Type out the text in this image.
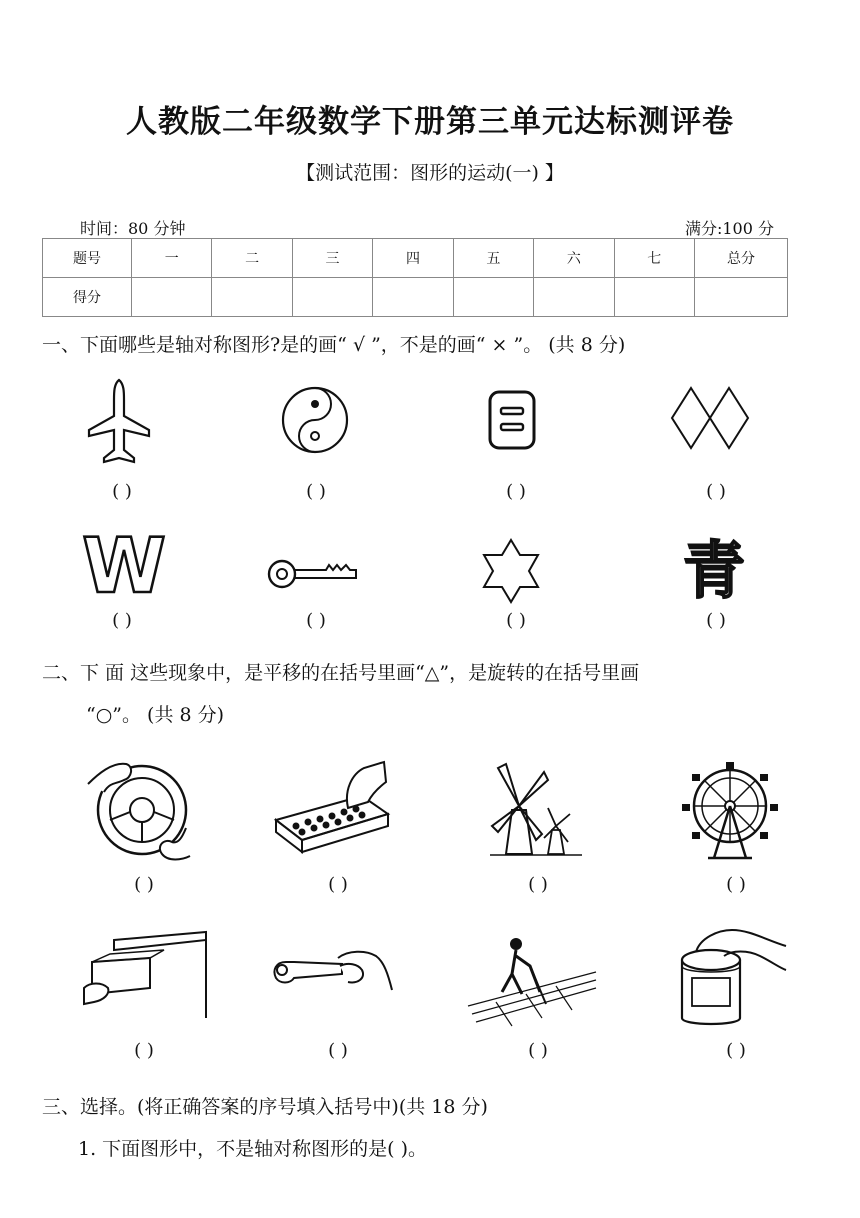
人教版二年级数学下册第三单元达标测评卷
【测试范围：图形的运动(一) 】
时间：80 分钟	满分:100 分
题号	一	二	三	四	五	六	七	总分
得分								
一、下面哪些是轴对称图形?是的画“ √ ”，不是的画“ × ”。 (共 8 分)
( )	( )	( )	( )
W	青
( )	( )	( )	( )
二、下 面 这些现象中，是平移的在括号里画“△”，是旋转的在括号里画
“○”。 (共 8 分)
( )	( )	( )	( )
( )	( )	( )	( )
三、选择。(将正确答案的序号填入括号中)(共 18 分)
1. 下面图形中，不是轴对称图形的是( )。
